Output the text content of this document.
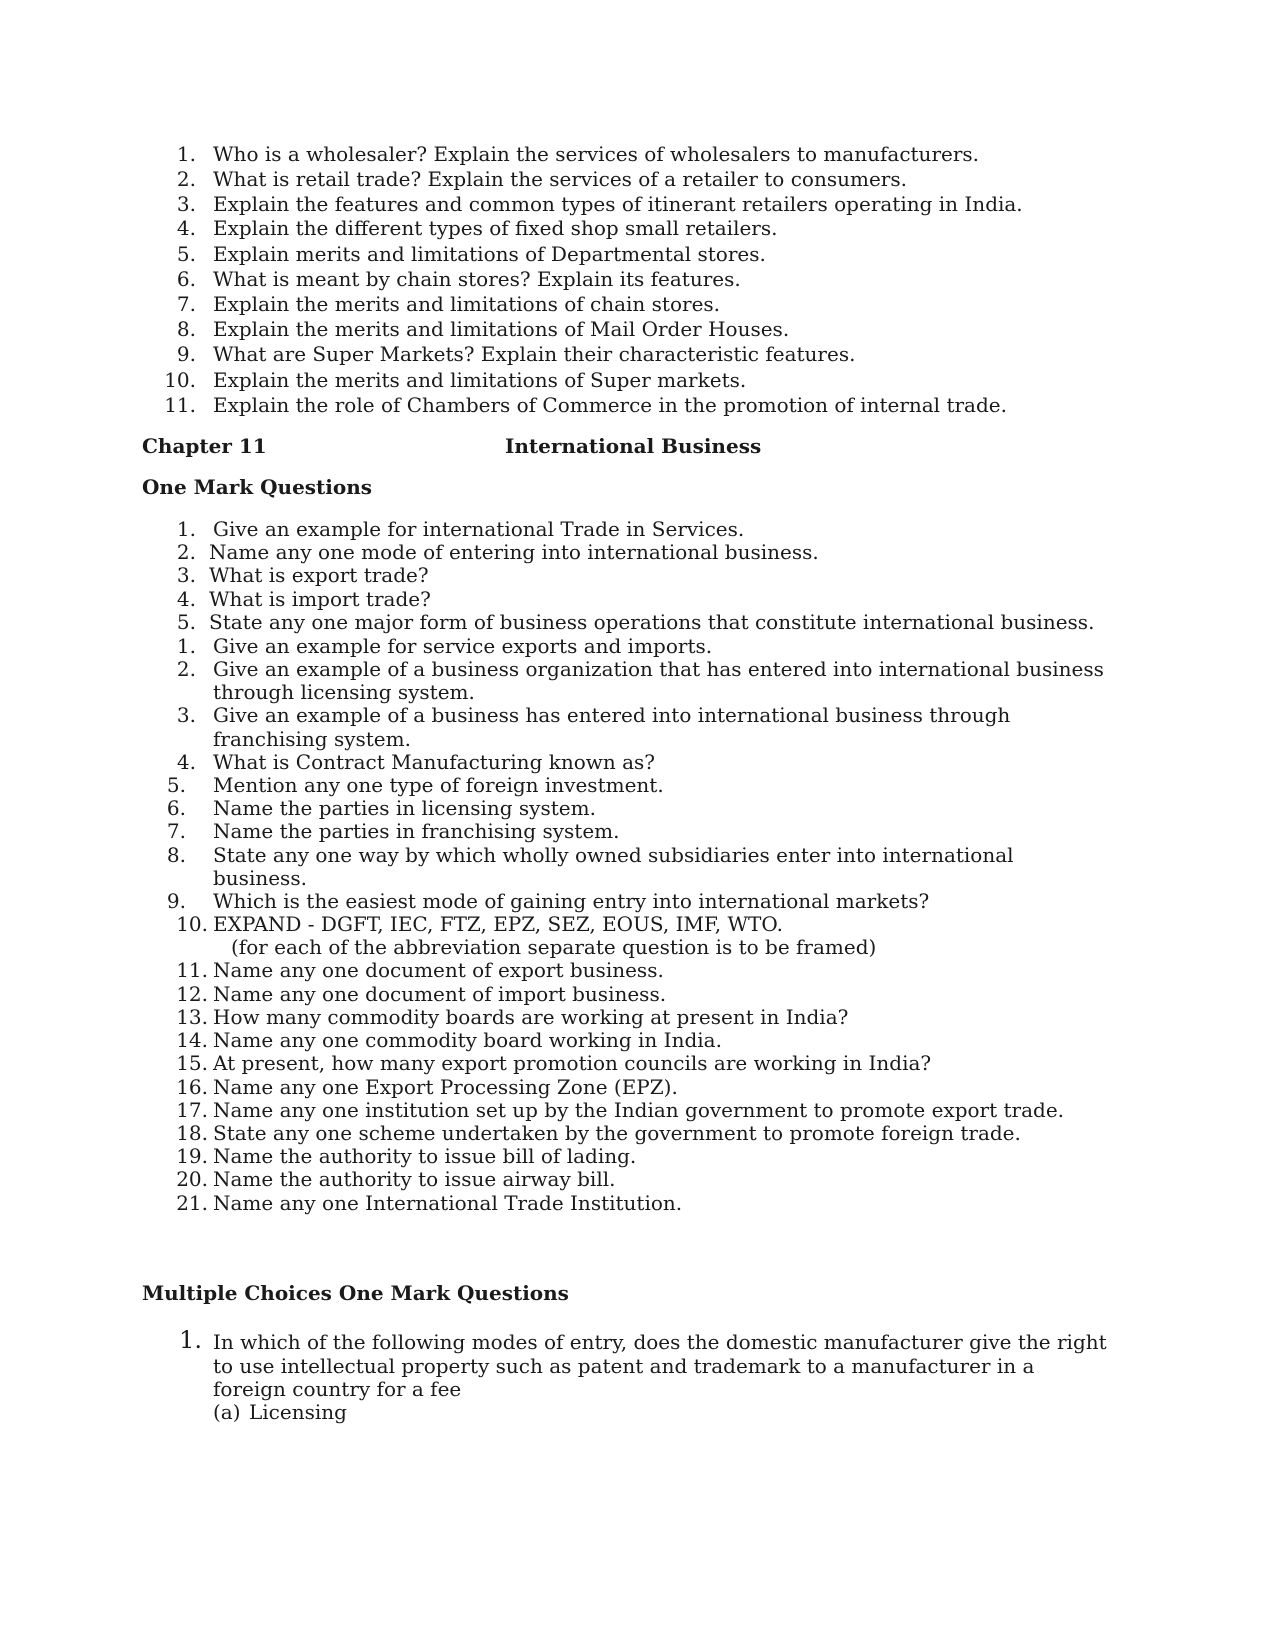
1. Who is a wholesaler? Explain the services of wholesalers to manufacturers.
2. What is retail trade? Explain the services of a retailer to consumers.
3. Explain the features and common types of itinerant retailers operating in India.
4. Explain the different types of fixed shop small retailers.
5. Explain merits and limitations of Departmental stores.
6. What is meant by chain stores? Explain its features.
7. Explain the merits and limitations of chain stores.
8. Explain the merits and limitations of Mail Order Houses.
9. What are Super Markets? Explain their characteristic features.
10. Explain the merits and limitations of Super markets.
11. Explain the role of Chambers of Commerce in the promotion of internal trade.
Chapter 11	International Business
One Mark Questions
1. Give an example for international Trade in Services.
2. Name any one mode of entering into international business.
3. What is export trade?
4. What is import trade?
5. State any one major form of business operations that constitute international business.
1. Give an example for service exports and imports.
2. Give an example of a business organization that has entered into international business
through licensing system.
3. Give an example of a business has entered into international business through
franchising system.
4. What is Contract Manufacturing known as?
5. Mention any one type of foreign investment.
6. Name the parties in licensing system.
7. Name the parties in franchising system.
8. State any one way by which wholly owned subsidiaries enter into international
business.
9. Which is the easiest mode of gaining entry into international markets?
10. EXPAND - DGFT, IEC, FTZ, EPZ, SEZ, EOUS, IMF, WTO.
(for each of the abbreviation separate question is to be framed)
11. Name any one document of export business.
12. Name any one document of import business.
13. How many commodity boards are working at present in India?
14. Name any one commodity board working in India.
15. At present, how many export promotion councils are working in India?
16. Name any one Export Processing Zone (EPZ).
17. Name any one institution set up by the Indian government to promote export trade.
18. State any one scheme undertaken by the government to promote foreign trade.
19. Name the authority to issue bill of lading.
20. Name the authority to issue airway bill.
21. Name any one International Trade Institution.
Multiple Choices One Mark Questions
1. In which of the following modes of entry, does the domestic manufacturer give the right
to use intellectual property such as patent and trademark to a manufacturer in a
foreign country for a fee
(a) Licensing
